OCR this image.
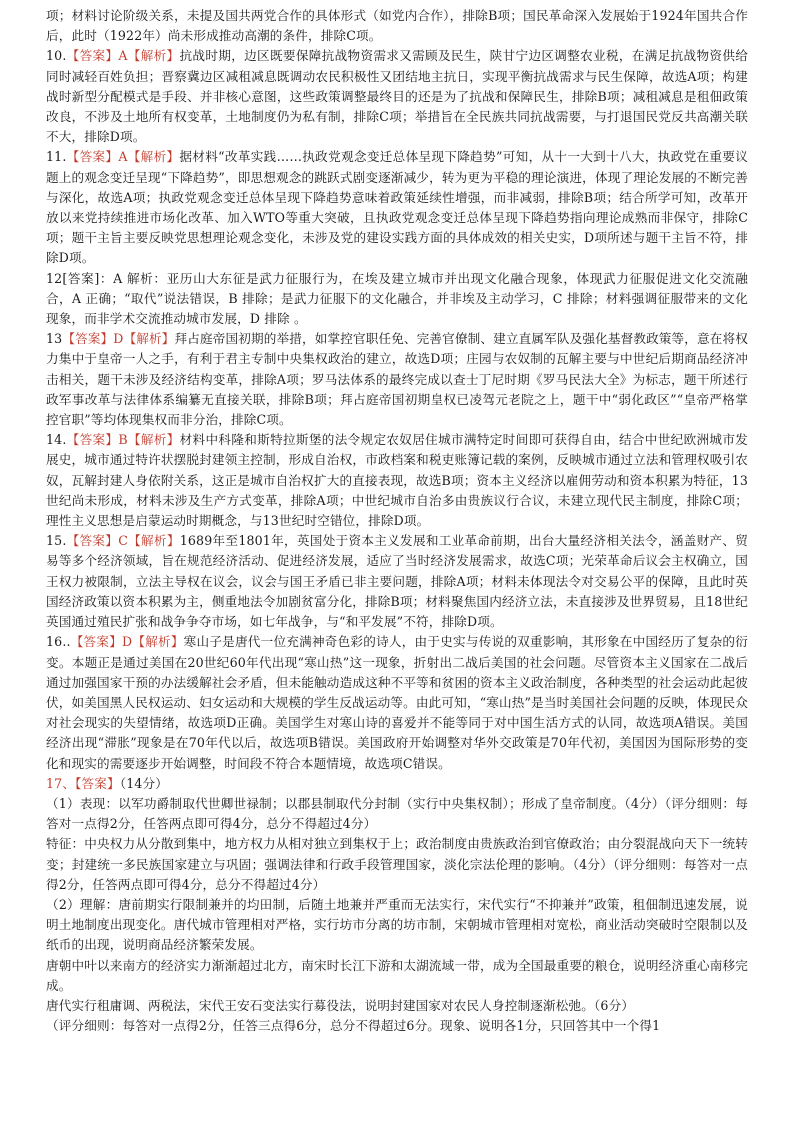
项；材料讨论阶级关系，未提及国共两党合作的具体形式（如党内合作），排除B项；国民革命深入发展始于1924年国共合作后，此时（1922年）尚未形成推动高潮的条件，排除C项。

10.【答案】A【解析】抗战时期，边区既要保障抗战物资需求又需顾及民生，陕甘宁边区调整农业税，在满足抗战物资供给同时减轻百姓负担；晋察冀边区减租减息既调动农民积极性又团结地主抗日，实现平衡抗战需求与民生保障，故选A项；构建战时新型分配模式是手段、并非核心意图，这些政策调整最终目的还是为了抗战和保障民生，排除B项；减租减息是租佃政策改良，不涉及土地所有权变革，土地制度仍为私有制，排除C项；举措旨在全民族共同抗战需要，与打退国民党反共高潮关联不大，排除D项。

11.【答案】A【解析】据材料“改革实践……执政党观念变迁总体呈现下降趋势”可知，从十一大到十八大，执政党在重要议题上的观念变迁呈现“下降趋势”，即思想观念的跳跃式剧变逐渐减少，转为更为平稳的理论演进，体现了理论发展的不断完善与深化，故选A项；执政党观念变迁总体呈现下降趋势意味着政策延续性增强，而非减弱，排除B项；结合所学可知，改革开放以来党持续推进市场化改革、加入WTO等重大突破，且执政党观念变迁总体呈现下降趋势指向理论成熟而非保守，排除C项；题干主旨主要反映党思想理论观念变化，未涉及党的建设实践方面的具体成效的相关史实，D项所述与题干主旨不符，排除D项。

12[答案]：A 解析：亚历山大东征是武力征服行为，在埃及建立城市并出现文化融合现象，体现武力征服促进文化交流融合，A 正确；“取代”说法错误，B 排除；是武力征服下的文化融合，并非埃及主动学习，C 排除；材料强调征服带来的文化现象，而非学术交流推动城市发展，D 排除 。

13【答案】D【解析】拜占庭帝国初期的举措，如掌控官职任免、完善官僚制、建立直属军队及强化基督教政策等，意在将权力集中于皇帝一人之手，有利于君主专制中央集权政治的建立，故选D项；庄园与农奴制的瓦解主要与中世纪后期商品经济冲击相关，题干未涉及经济结构变革，排除A项；罗马法体系的最终完成以查士丁尼时期《罗马民法大全》为标志，题干所述行政军事改革与法律体系编纂无直接关联，排除B项；拜占庭帝国初期皇权已凌驾元老院之上，题干中“弱化政区”“皇帝严格掌控官职”等均体现集权而非分治，排除C项。

14.【答案】B【解析】材料中科隆和斯特拉斯堡的法令规定农奴居住城市满特定时间即可获得自由，结合中世纪欧洲城市发展史，城市通过特许状摆脱封建领主控制，形成自治权，市政档案和税吏账簿记载的案例，反映城市通过立法和管理权吸引农奴，瓦解封建人身依附关系，这正是城市自治权扩大的直接表现，故选B项；资本主义经济以雇佣劳动和资本积累为特征，13世纪尚未形成，材料未涉及生产方式变革，排除A项；中世纪城市自治多由贵族议行合议，未建立现代民主制度，排除C项；理性主义思想是启蒙运动时期概念，与13世纪时空错位，排除D项。

15.【答案】C【解析】1689年至1801年，英国处于资本主义发展和工业革命前期，出台大量经济相关法令，涵盖财产、贸易等多个经济领域，旨在规范经济活动、促进经济发展，适应了当时经济发展需求，故选C项；光荣革命后议会主权确立，国王权力被限制，立法主导权在议会，议会与国王矛盾已非主要问题，排除A项；材料未体现法令对交易公平的保障，且此时英国经济政策以资本积累为主，侧重地法令加剧贫富分化，排除B项；材料聚焦国内经济立法，未直接涉及世界贸易，且18世纪英国通过殖民扩张和战争争夺市场，如七年战争，与“和平发展”不符，排除D项。

16..【答案】D【解析】寒山子是唐代一位充满神奇色彩的诗人，由于史实与传说的双重影响，其形象在中国经历了复杂的衍变。本题正是通过美国在20世纪60年代出现“寒山热”这一现象，折射出二战后美国的社会问题。尽管资本主义国家在二战后通过加强国家干预的办法缓解社会矛盾，但未能触动造成这种不平等和贫困的资本主义政治制度，各种类型的社会运动此起彼伏，如美国黑人民权运动、妇女运动和大规模的学生反战运动等。由此可知，“寒山热”是当时美国社会问题的反映，体现民众对社会现实的失望情绪，故选项D正确。美国学生对寒山诗的喜爱并不能等同于对中国生活方式的认同，故选项A错误。美国经济出现“滞胀”现象是在70年代以后，故选项B错误。美国政府开始调整对华外交政策是70年代初，美国因为国际形势的变化和现实的需要逐步开始调整，时间段不符合本题情境，故选项C错误。

17、【答案】（14分）

（1）表现：以军功爵制取代世卿世禄制；以郡县制取代分封制（实行中央集权制）；形成了皇帝制度。（4分）（评分细则：每答对一点得2分，任答两点即可得4分，总分不得超过4分）

特征：中央权力从分散到集中，地方权力从相对独立到集权于上；政治制度由贵族政治到官僚政治；由分裂混战向天下一统转变；封建统一多民族国家建立与巩固；强调法律和行政手段管理国家，淡化宗法伦理的影响。（4分）（评分细则：每答对一点得2分，任答两点即可得4分，总分不得超过4分）

（2）理解：唐前期实行限制兼并的均田制，后随土地兼并严重而无法实行，宋代实行“不抑兼并”政策，租佃制迅速发展，说明土地制度出现变化。唐代城市管理相对严格，实行坊市分离的坊市制，宋朝城市管理相对宽松，商业活动突破时空限制以及纸币的出现，说明商品经济繁荣发展。

唐朝中叶以来南方的经济实力渐渐超过北方，南宋时长江下游和太湖流域一带，成为全国最重要的粮仓，说明经济重心南移完成。

唐代实行租庸调、两税法，宋代王安石变法实行募役法，说明封建国家对农民人身控制逐渐松弛。（6分）

（评分细则：每答对一点得2分，任答三点得6分，总分不得超过6分。现象、说明各1分，只回答其中一个得1
